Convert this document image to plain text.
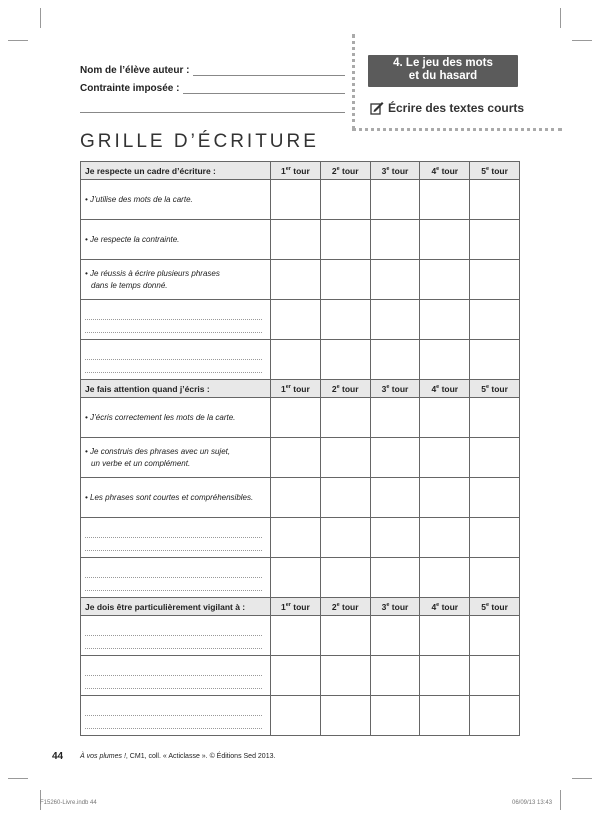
Nom de l’élève auteur :
Contrainte imposée :
4. Le jeu des mots
et du hasard
Écrire des textes courts
GRILLE D’ÉCRITURE
Je respecte un cadre d’écriture :	1er tour	2e tour	3e tour	4e tour	5e tour

• J’utilise des mots de la carte.					

• Je respecte la contrainte.					

• Je réussis à écrire plusieurs phrases
dans le temps donné.					

Je fais attention quand j’écris :	1er tour	2e tour	3e tour	4e tour	5e tour

• J’écris correctement les mots de la carte.					

• Je construis des phrases avec un sujet,
un verbe et un complément.					

• Les phrases sont courtes et compréhensibles.					

Je dois être particulièrement vigilant à :	1er tour	2e tour	3e tour	4e tour	5e tour

44 À vos plumes !, CM1, coll. « Acticlasse ». © Éditions Sed 2013.
F15260-Livre.indb 44	06/09/13 13:43
